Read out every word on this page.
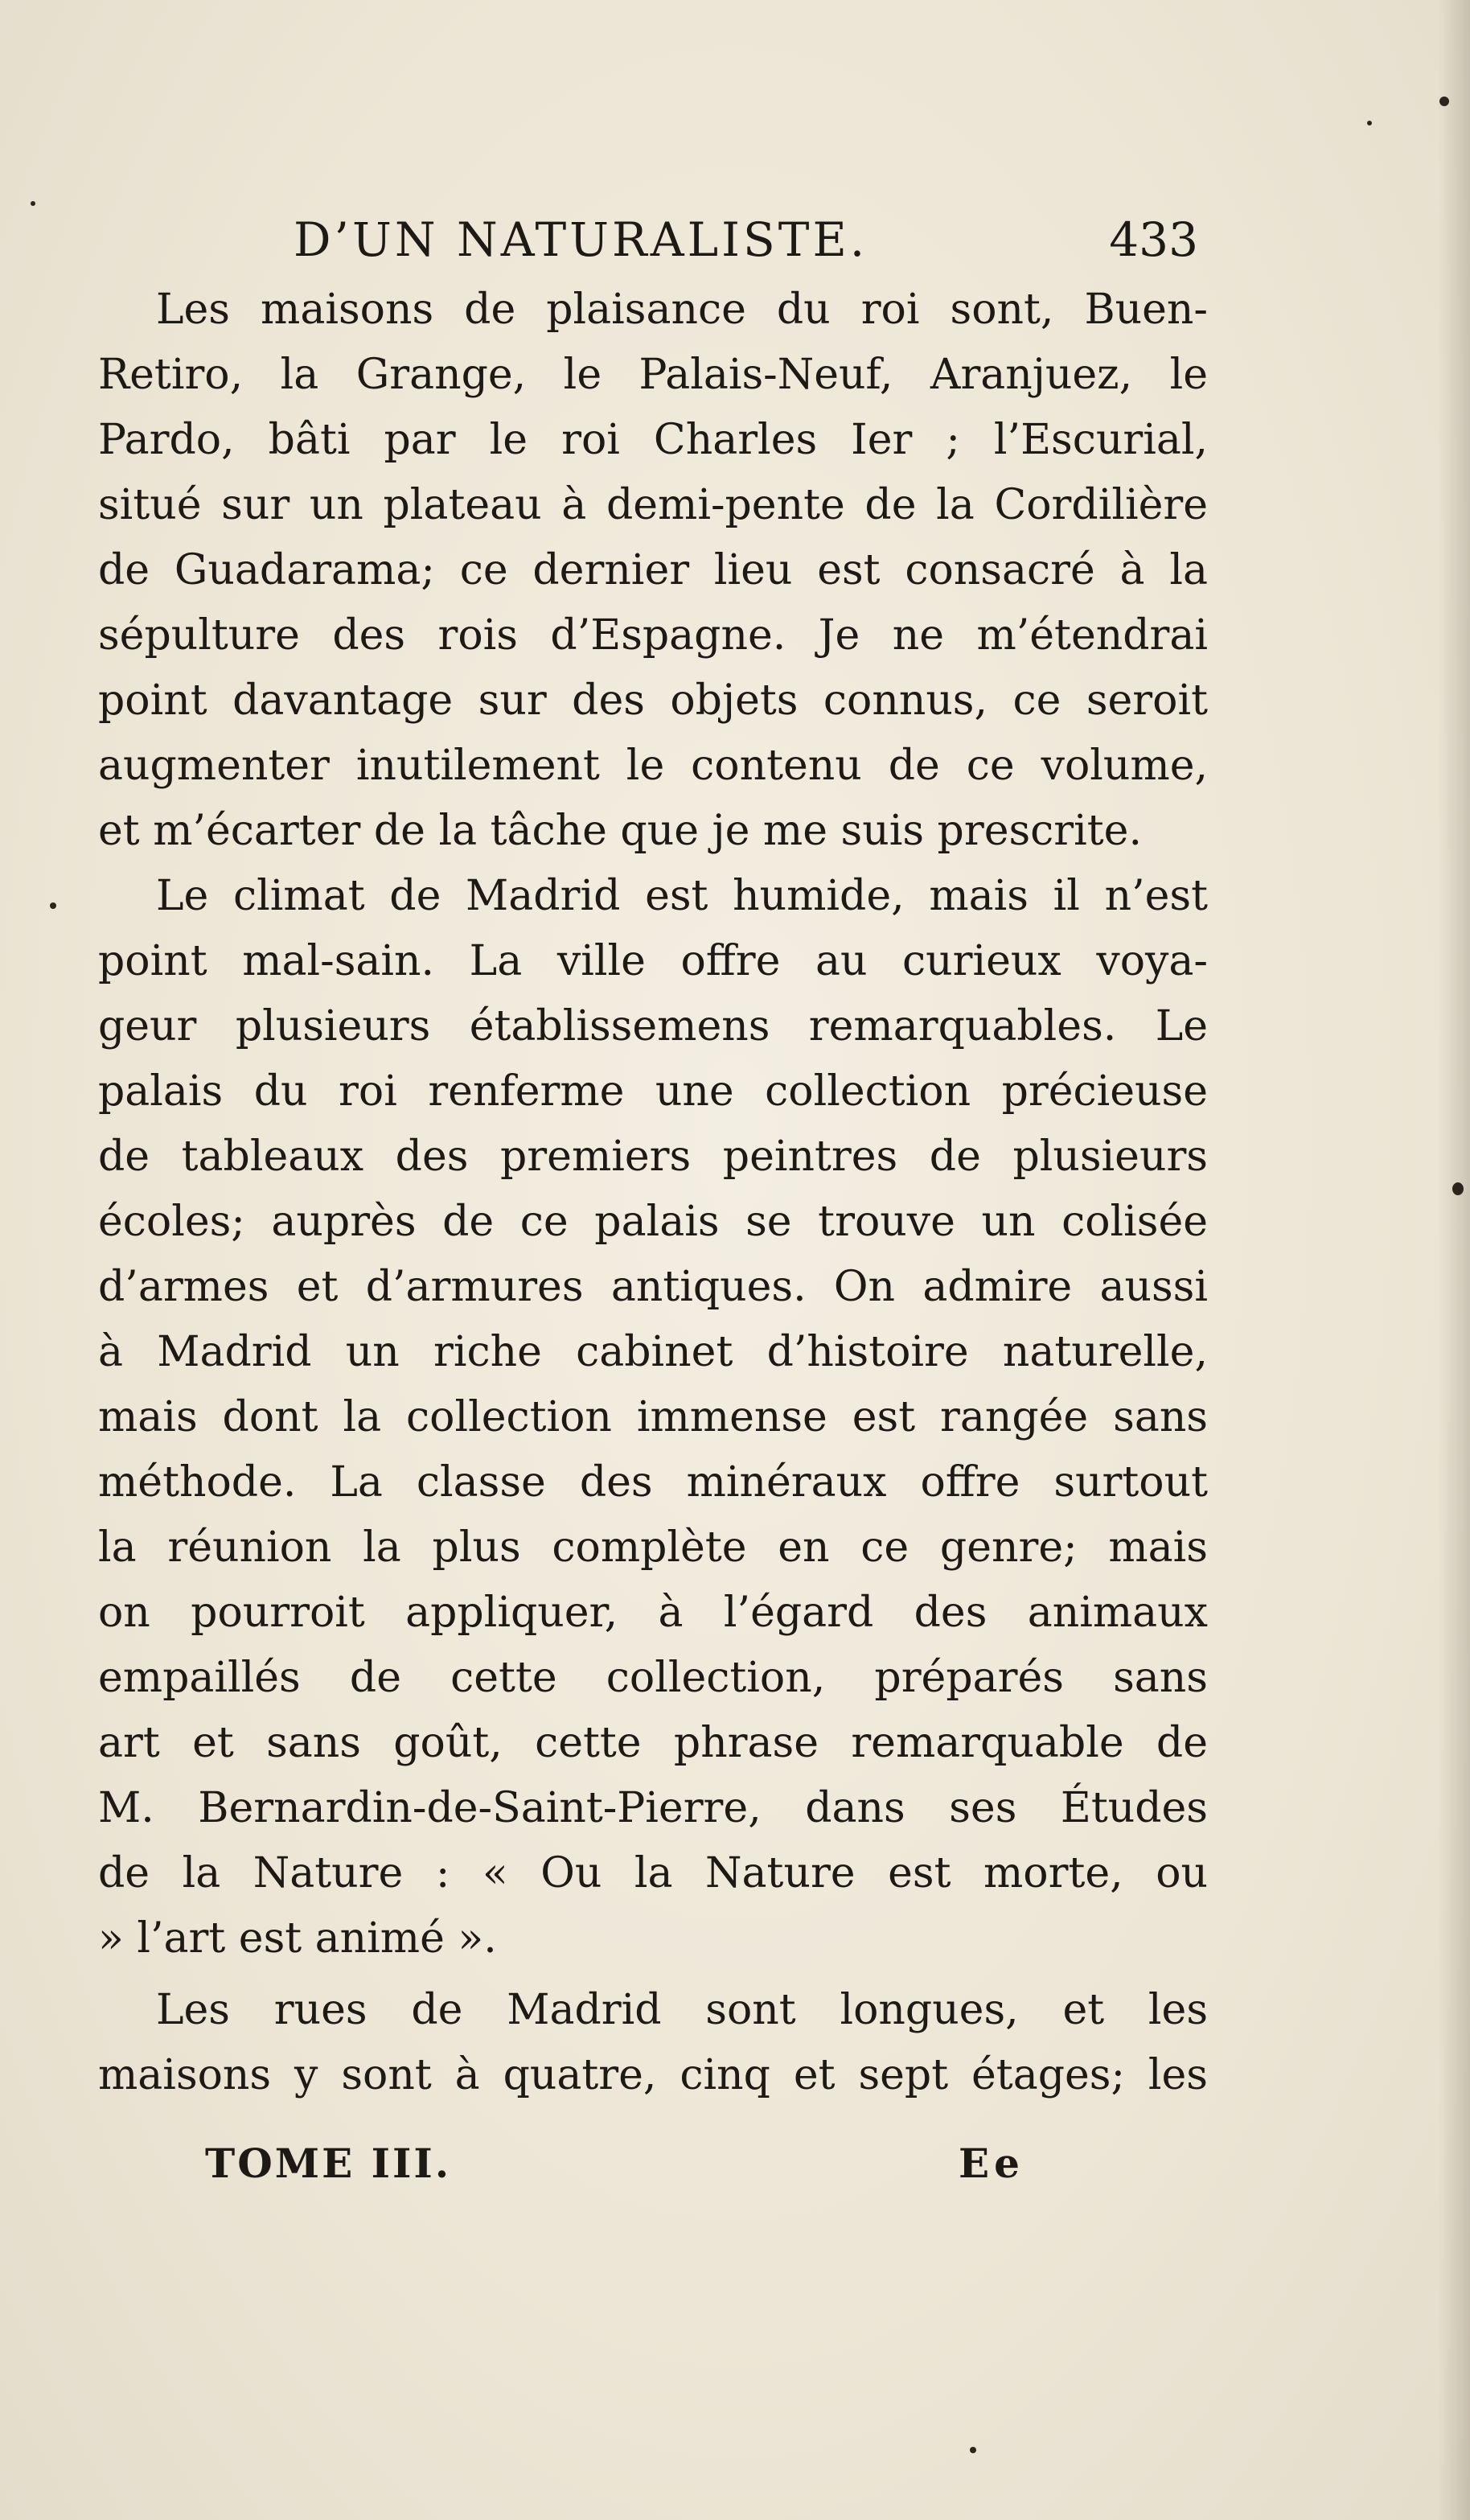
D’UN NATURALISTE.	433
Les maisons de plaisance du roi sont, Buen-
Retiro, la Grange, le Palais-Neuf, Aranjuez, le
Pardo, bâti par le roi Charles Ier ; l’Escurial,
situé sur un plateau à demi-pente de la Cordilière
de Guadarama; ce dernier lieu est consacré à la
sépulture des rois d’Espagne. Je ne m’étendrai
point davantage sur des objets connus, ce seroit
augmenter inutilement le contenu de ce volume,
et m’écarter de la tâche que je me suis prescrite.
Le climat de Madrid est humide, mais il n’est
point mal-sain. La ville offre au curieux voya-
geur plusieurs établissemens remarquables. Le
palais du roi renferme une collection précieuse
de tableaux des premiers peintres de plusieurs
écoles; auprès de ce palais se trouve un colisée
d’armes et d’armures antiques. On admire aussi
à Madrid un riche cabinet d’histoire naturelle,
mais dont la collection immense est rangée sans
méthode. La classe des minéraux offre surtout
la réunion la plus complète en ce genre; mais
on pourroit appliquer, à l’égard des animaux
empaillés de cette collection, préparés sans
art et sans goût, cette phrase remarquable de
M. Bernardin-de-Saint-Pierre, dans ses Études
de la Nature : « Ou la Nature est morte, ou
» l’art est animé ».
Les rues de Madrid sont longues, et les
maisons y sont à quatre, cinq et sept étages; les
TOME III.	Ee
